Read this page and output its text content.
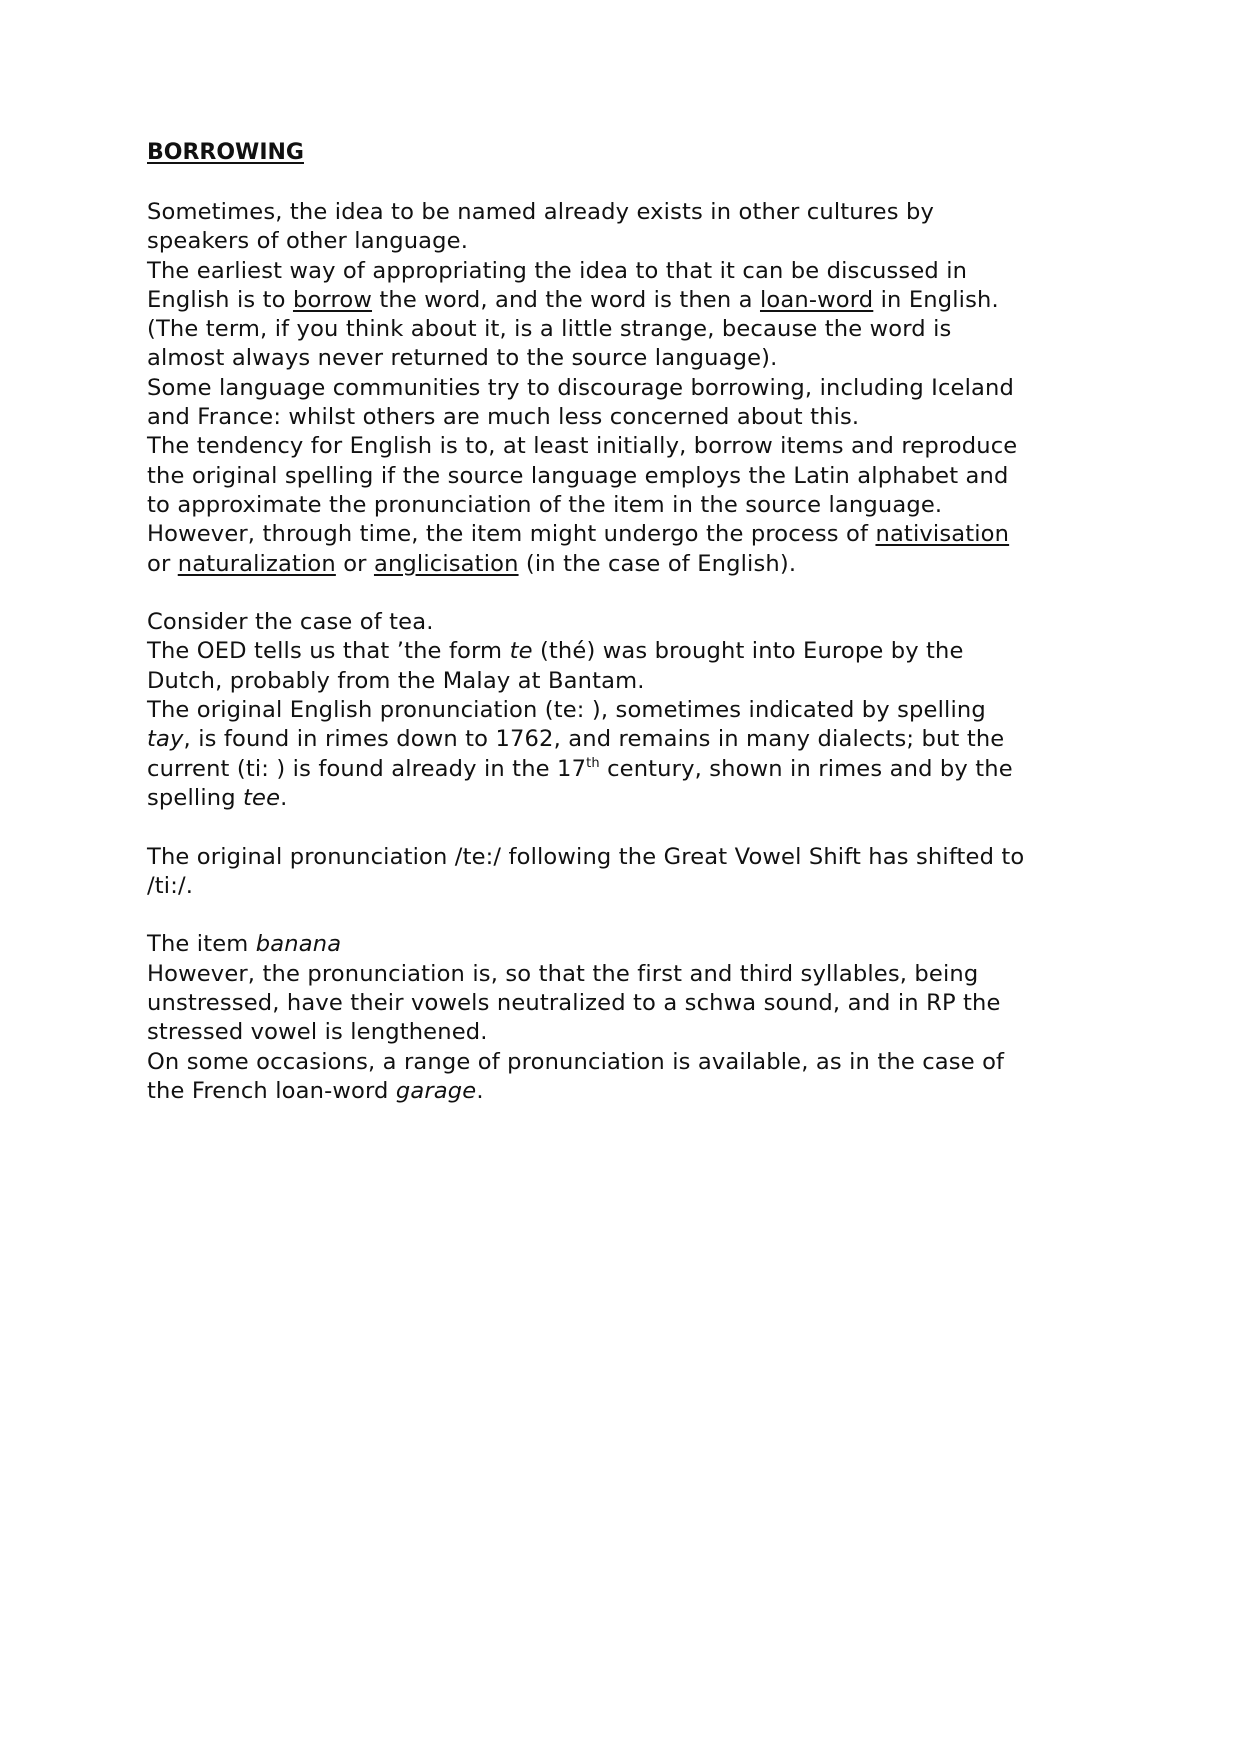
BORROWING

Sometimes, the idea to be named already exists in other cultures by

speakers of other language.

The earliest way of appropriating the idea to that it can be discussed in

English is to borrow the word, and the word is then a loan-word in English.

(The term, if you think about it, is a little strange, because the word is

almost always never returned to the source language).

Some language communities try to discourage borrowing, including Iceland

and France: whilst others are much less concerned about this.

The tendency for English is to, at least initially, borrow items and reproduce

the original spelling if the source language employs the Latin alphabet and

to approximate the pronunciation of the item in the source language.

However, through time, the item might undergo the process of nativisation

or naturalization or anglicisation (in the case of English).

Consider the case of tea.

The OED tells us that ’the form te (thé) was brought into Europe by the

Dutch, probably from the Malay at Bantam.

The original English pronunciation (te: ), sometimes indicated by spelling

tay, is found in rimes down to 1762, and remains in many dialects; but the

current (ti: ) is found already in the 17th century, shown in rimes and by the

spelling tee.

The original pronunciation /te:/ following the Great Vowel Shift has shifted to

/ti:/.

The item banana

However, the pronunciation is, so that the first and third syllables, being

unstressed, have their vowels neutralized to a schwa sound, and in RP the

stressed vowel is lengthened.

On some occasions, a range of pronunciation is available, as in the case of

the French loan-word garage.
